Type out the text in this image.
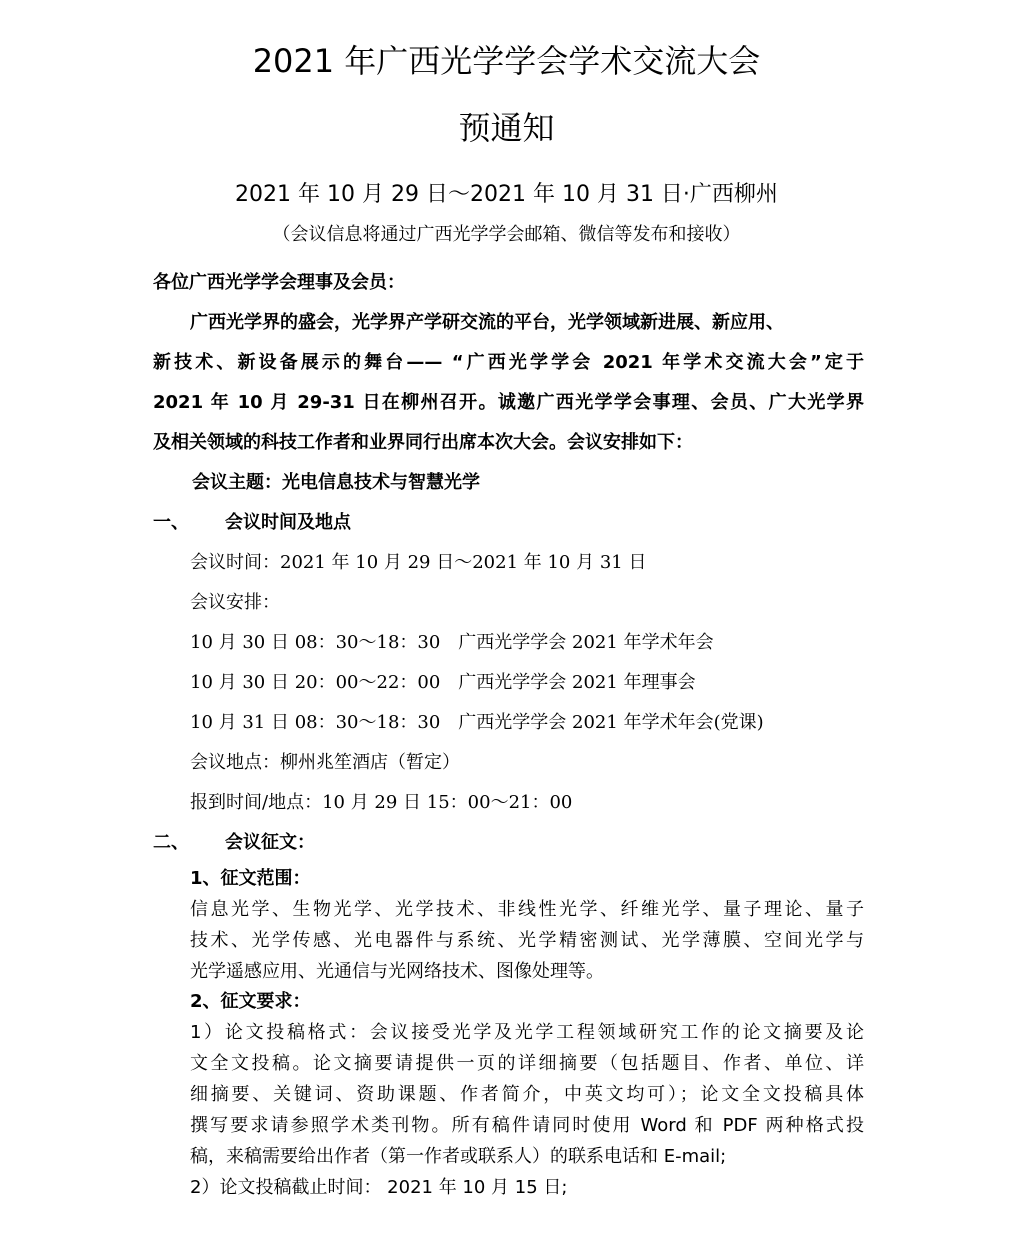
2021 年广西光学学会学术交流大会
预通知
2021 年 10 月 29 日～2021 年 10 月 31 日·广西柳州
（会议信息将通过广西光学学会邮箱、微信等发布和接收）
各位广西光学学会理事及会员：
广西光学界的盛会，光学界产学研交流的平台，光学领域新进展、新应用、
新技术、新设备展示的舞台—— “广西光学学会 2021 年学术交流大会”定于
2021 年 10 月 29-31 日在柳州召开。诚邀广西光学学会事理、会员、广大光学界
及相关领域的科技工作者和业界同行出席本次大会。会议安排如下：
会议主题：光电信息技术与智慧光学
一、 会议时间及地点
会议时间：2021 年 10 月 29 日～2021 年 10 月 31 日
会议安排：
10 月 30 日 08：30～18：30　广西光学学会 2021 年学术年会
10 月 30 日 20：00～22：00　广西光学学会 2021 年理事会
10 月 31 日 08：30～18：30　广西光学学会 2021 年学术年会(党课)
会议地点：柳州兆笙酒店（暂定）
报到时间/地点：10 月 29 日 15：00～21：00
二、 会议征文：
1、征文范围：
信息光学、生物光学、光学技术、非线性光学、纤维光学、量子理论、量子
技术、光学传感、光电器件与系统、光学精密测试、光学薄膜、空间光学与
光学遥感应用、光通信与光网络技术、图像处理等。
2、征文要求：
1）论文投稿格式：会议接受光学及光学工程领域研究工作的论文摘要及论
文全文投稿。论文摘要请提供一页的详细摘要（包括题目、作者、单位、详
细摘要、关键词、资助课题、作者简介，中英文均可）；论文全文投稿具体
撰写要求请参照学术类刊物。所有稿件请同时使用 Word 和 PDF 两种格式投
稿，来稿需要给出作者（第一作者或联系人）的联系电话和 E-mail;
2）论文投稿截止时间： 2021 年 10 月 15 日;
